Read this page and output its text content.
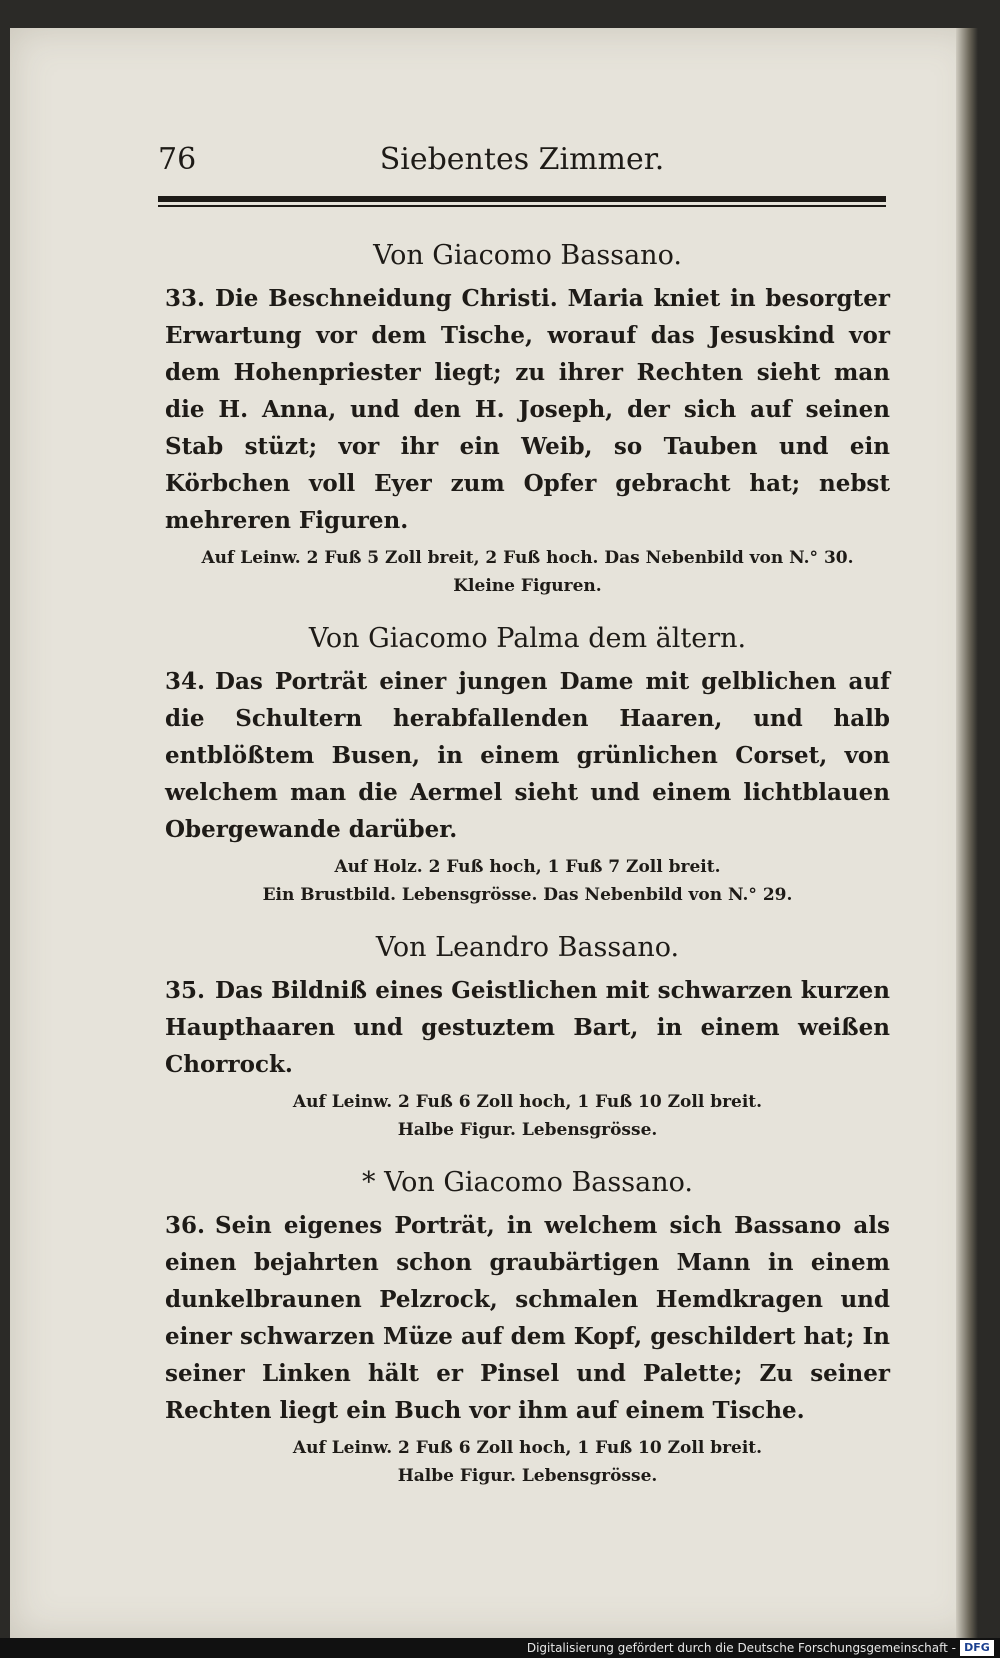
76	Siebentes Zimmer.
Von Giacomo Bassano.

33. Die Beschneidung Christi. Maria kniet in besorgter Erwartung vor dem Tische, worauf das Jesuskind vor dem Hohenpriester liegt; zu ihrer Rechten sieht man die H. Anna, und den H. Joseph, der sich auf seinen Stab stüzt; vor ihr ein Weib, so Tauben und ein Körbchen voll Eyer zum Opfer gebracht hat; nebst mehreren Figuren.

Auf Leinw. 2 Fuß 5 Zoll breit, 2 Fuß hoch. Das Nebenbild von N.° 30.
Kleine Figuren.
Von Giacomo Palma dem ältern.

34. Das Porträt einer jungen Dame mit gelblichen auf die Schultern herabfallenden Haaren, und halb entblößtem Busen, in einem grünlichen Corset, von welchem man die Aermel sieht und einem lichtblauen Obergewande darüber.

Auf Holz. 2 Fuß hoch, 1 Fuß 7 Zoll breit.
Ein Brustbild. Lebensgrösse. Das Nebenbild von N.° 29.
Von Leandro Bassano.

35. Das Bildniß eines Geistlichen mit schwarzen kurzen Haupthaaren und gestuztem Bart, in einem weißen Chorrock.

Auf Leinw. 2 Fuß 6 Zoll hoch, 1 Fuß 10 Zoll breit.
Halbe Figur. Lebensgrösse.
* Von Giacomo Bassano.

36. Sein eigenes Porträt, in welchem sich Bassano als einen bejahrten schon graubärtigen Mann in einem dunkelbraunen Pelzrock, schmalen Hemdkragen und einer schwarzen Müze auf dem Kopf, geschildert hat; In seiner Linken hält er Pinsel und Palette; Zu seiner Rechten liegt ein Buch vor ihm auf einem Tische.

Auf Leinw. 2 Fuß 6 Zoll hoch, 1 Fuß 10 Zoll breit.
Halbe Figur. Lebensgrösse.
Digitalisierung gefördert durch die Deutsche Forschungsgemeinschaft - DFG
